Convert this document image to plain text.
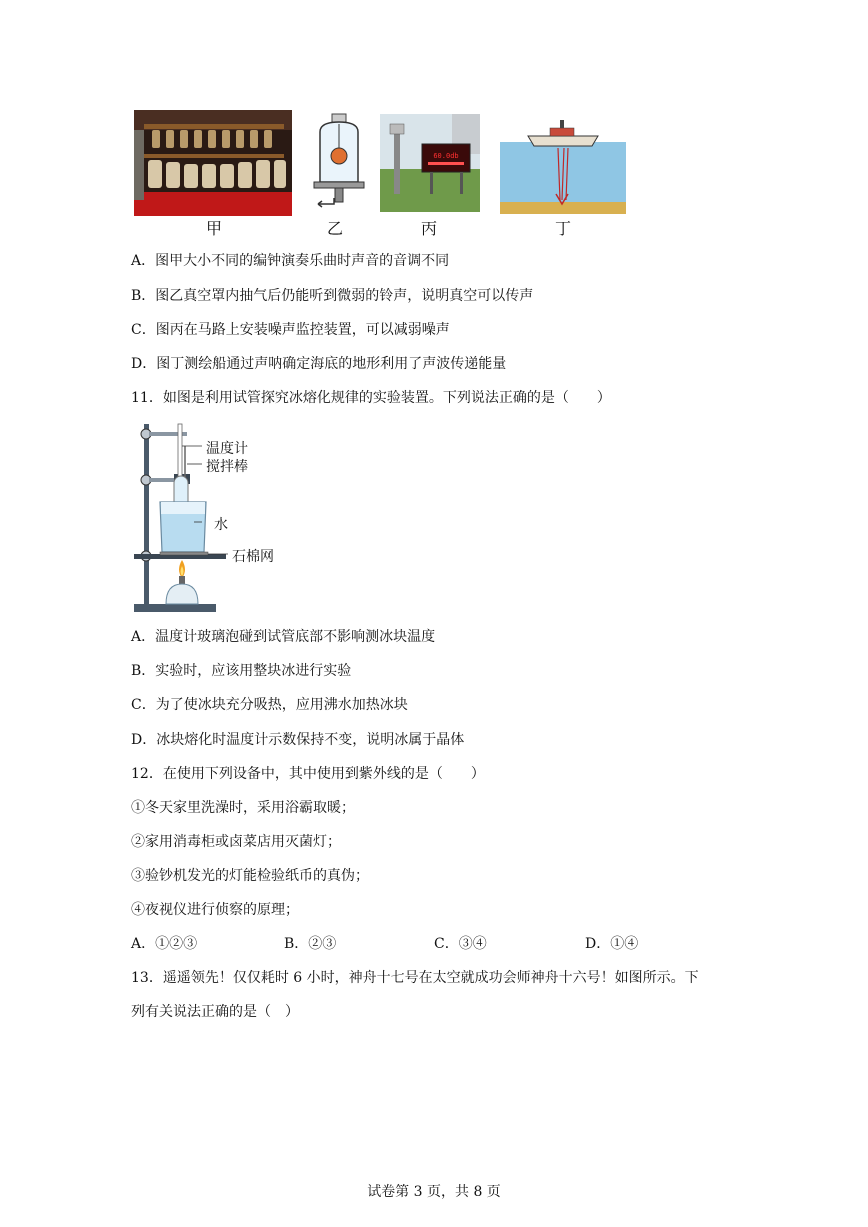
60.0db
甲	乙	丙	丁
A．图甲大小不同的编钟演奏乐曲时声音的音调不同
B．图乙真空罩内抽气后仍能听到微弱的铃声，说明真空可以传声
C．图丙在马路上安装噪声监控装置，可以减弱噪声
D．图丁测绘船通过声呐确定海底的地形利用了声波传递能量
11．如图是利用试管探究冰熔化规律的实验装置。下列说法正确的是（　　）
温度计
搅拌棒
水
石棉网
A．温度计玻璃泡碰到试管底部不影响测冰块温度
B．实验时，应该用整块冰进行实验
C．为了使冰块充分吸热，应用沸水加热冰块
D．冰块熔化时温度计示数保持不变，说明冰属于晶体
12．在使用下列设备中，其中使用到紫外线的是（　　）
①冬天家里洗澡时，采用浴霸取暖；
②家用消毒柜或卤菜店用灭菌灯；
③验钞机发光的灯能检验纸币的真伪；
④夜视仪进行侦察的原理；
A．①②③	B．②③	C．③④	D．①④
13．遥遥领先！仅仅耗时 6 小时，神舟十七号在太空就成功会师神舟十六号！如图所示。下
列有关说法正确的是（　）
试卷第 3 页，共 8 页
